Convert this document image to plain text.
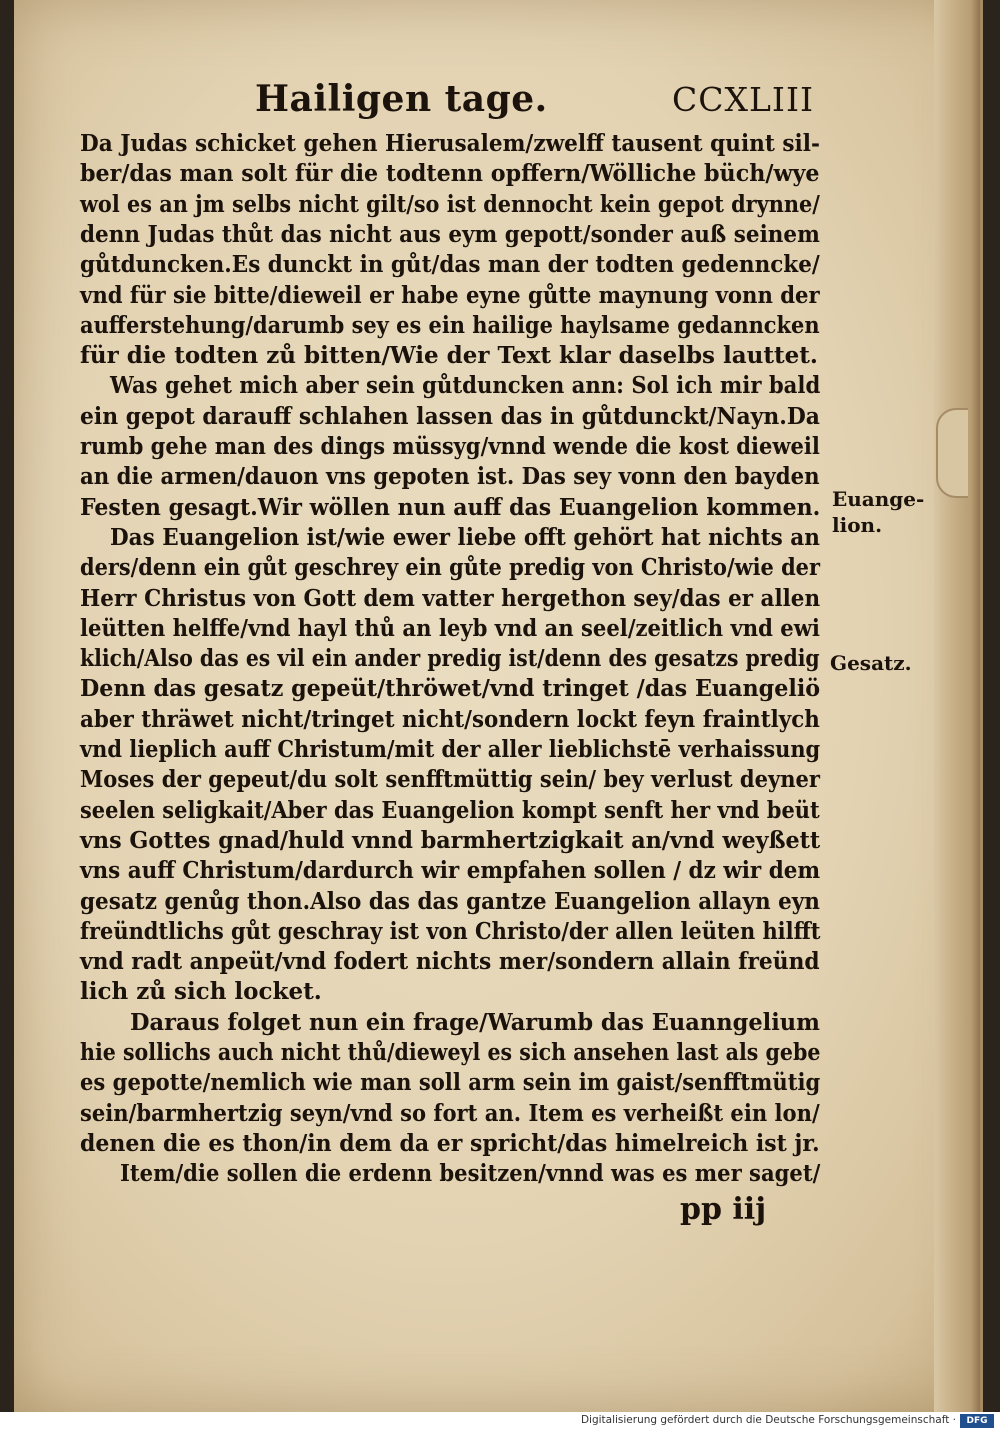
Hailigen tage.	CCXLIII
Da Judas schicket gehen Hierusalem/zwelff tausent quint sil-
ber/das man solt für die todtenn opffern/Wölliche büch/wye
wol es an jm selbs nicht gilt/so ist dennocht kein gepot drynne/
denn Judas thůt das nicht aus eym gepott/sonder auß seinem
gůtduncken.Es dunckt in gůt/das man der todten gedenncke/
vnd für sie bitte/dieweil er habe eyne gůtte maynung vonn der
aufferstehung/darumb sey es ein hailige haylsame gedanncken
für die todten zů bitten/Wie der Text klar daselbs lauttet.
Was gehet mich aber sein gůtduncken ann: Sol ich mir bald
ein gepot darauff schlahen lassen das in gůtdunckt/Nayn.Da
rumb gehe man des dings müssyg/vnnd wende die kost dieweil
an die armen/dauon vns gepoten ist. Das sey vonn den bayden
Festen gesagt.Wir wöllen nun auff das Euangelion kommen.
Das Euangelion ist/wie ewer liebe offt gehört hat nichts an
ders/denn ein gůt geschrey ein gůte predig von Christo/wie der
Herr Christus von Gott dem vatter hergethon sey/das er allen
leütten helffe/vnd hayl thů an leyb vnd an seel/zeitlich vnd ewi
klich/Also das es vil ein ander predig ist/denn des gesatzs predig
Denn das gesatz gepeüt/thröwet/vnd tringet /das Euangeliö
aber thräwet nicht/tringet nicht/sondern lockt feyn fraintlych
vnd lieplich auff Christum/mit der aller lieblichstē verhaissung
Moses der gepeut/du solt senfftmüttig sein/ bey verlust deyner
seelen seligkait/Aber das Euangelion kompt senft her vnd beüt
vns Gottes gnad/huld vnnd barmhertzigkait an/vnd weyßett
vns auff Christum/dardurch wir empfahen sollen / dz wir dem
gesatz genůg thon.Also das das gantze Euangelion allayn eyn
freündtlichs gůt geschray ist von Christo/der allen leüten hilfft
vnd radt anpeüt/vnd fodert nichts mer/sondern allain freünd
lich zů sich locket.
Daraus folget nun ein frage/Warumb das Euanngelium
hie sollichs auch nicht thů/dieweyl es sich ansehen last als gebe
es gepotte/nemlich wie man soll arm sein im gaist/senfftmütig
sein/barmhertzig seyn/vnd so fort an. Item es verheißt ein lon/
denen die es thon/in dem da er spricht/das himelreich ist jr.
Item/die sollen die erdenn besitzen/vnnd was es mer saget/
Euange-
lion.
Gesatz.
pp iij
Digitalisierung gefördert durch die Deutsche Forschungsgemeinschaft ·	DFG
